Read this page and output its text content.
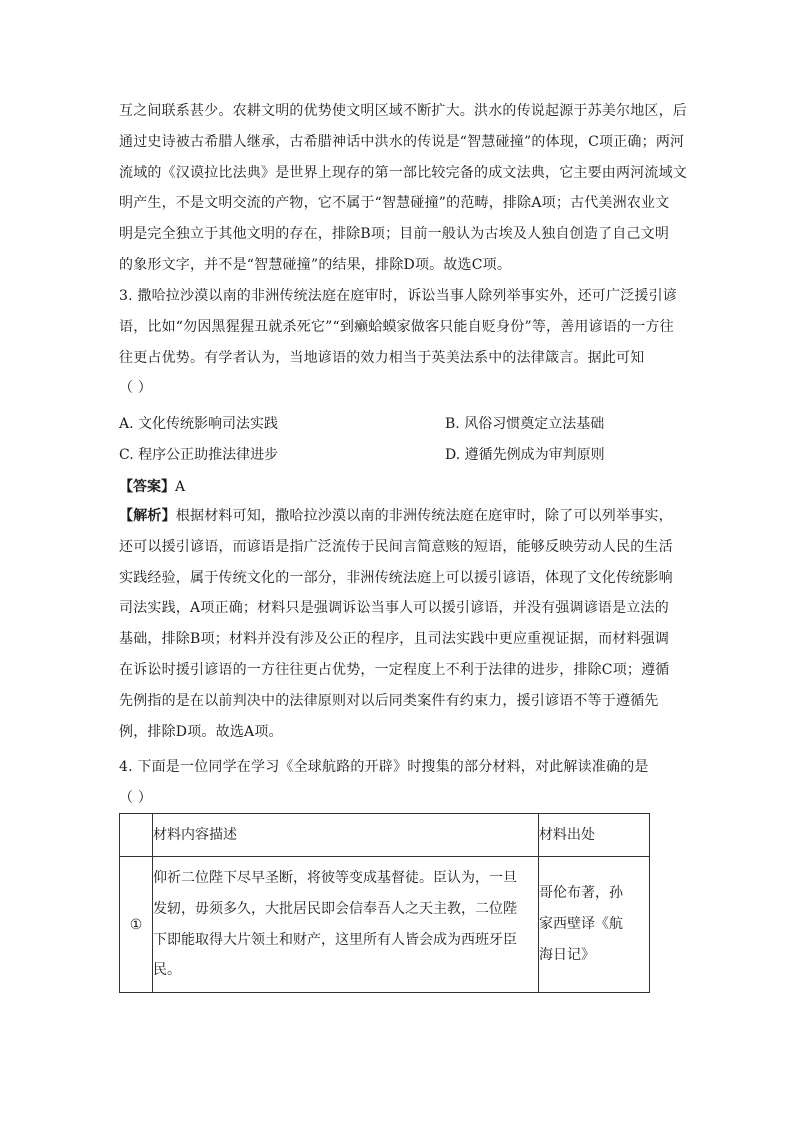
互之间联系甚少。农耕文明的优势使文明区域不断扩大。洪水的传说起源于苏美尔地区，后
通过史诗被古希腊人继承，古希腊神话中洪水的传说是“智慧碰撞”的体现，C项正确；两河
流域的《汉谟拉比法典》是世界上现存的第一部比较完备的成文法典，它主要由两河流域文
明产生，不是文明交流的产物，它不属于“智慧碰撞”的范畴，排除A项；古代美洲农业文
明是完全独立于其他文明的存在，排除B项；目前一般认为古埃及人独自创造了自己文明
的象形文字，并不是“智慧碰撞”的结果，排除D项。故选C项。
3. 撒哈拉沙漠以南的非洲传统法庭在庭审时，诉讼当事人除列举事实外，还可广泛援引谚
语，比如“勿因黑猩猩丑就杀死它”“到癞蛤蟆家做客只能自贬身份”等，善用谚语的一方往
往更占优势。有学者认为，当地谚语的效力相当于英美法系中的法律箴言。据此可知
（ ）
A. 文化传统影响司法实践	B. 风俗习惯奠定立法基础
C. 程序公正助推法律进步	D. 遵循先例成为审判原则
【答案】A
【解析】根据材料可知，撒哈拉沙漠以南的非洲传统法庭在庭审时，除了可以列举事实，
还可以援引谚语，而谚语是指广泛流传于民间言简意赅的短语，能够反映劳动人民的生活
实践经验，属于传统文化的一部分，非洲传统法庭上可以援引谚语，体现了文化传统影响
司法实践，A项正确；材料只是强调诉讼当事人可以援引谚语，并没有强调谚语是立法的
基础，排除B项；材料并没有涉及公正的程序，且司法实践中更应重视证据，而材料强调
在诉讼时援引谚语的一方往往更占优势，一定程度上不利于法律的进步，排除C项；遵循
先例指的是在以前判决中的法律原则对以后同类案件有约束力，援引谚语不等于遵循先
例，排除D项。故选A项。
4. 下面是一位同学在学习《全球航路的开辟》时搜集的部分材料，对此解读准确的是
（ ）
	材料内容描述	材料出处
①	仰祈二位陛下尽早圣断，将彼等变成基督徒。臣认为，一旦
发轫，毋须多久，大批居民即会信奉吾人之天主教，二位陛
下即能取得大片领土和财产，这里所有人皆会成为西班牙臣
民。	哥伦布著，孙
家西壁译《航
海日记》
